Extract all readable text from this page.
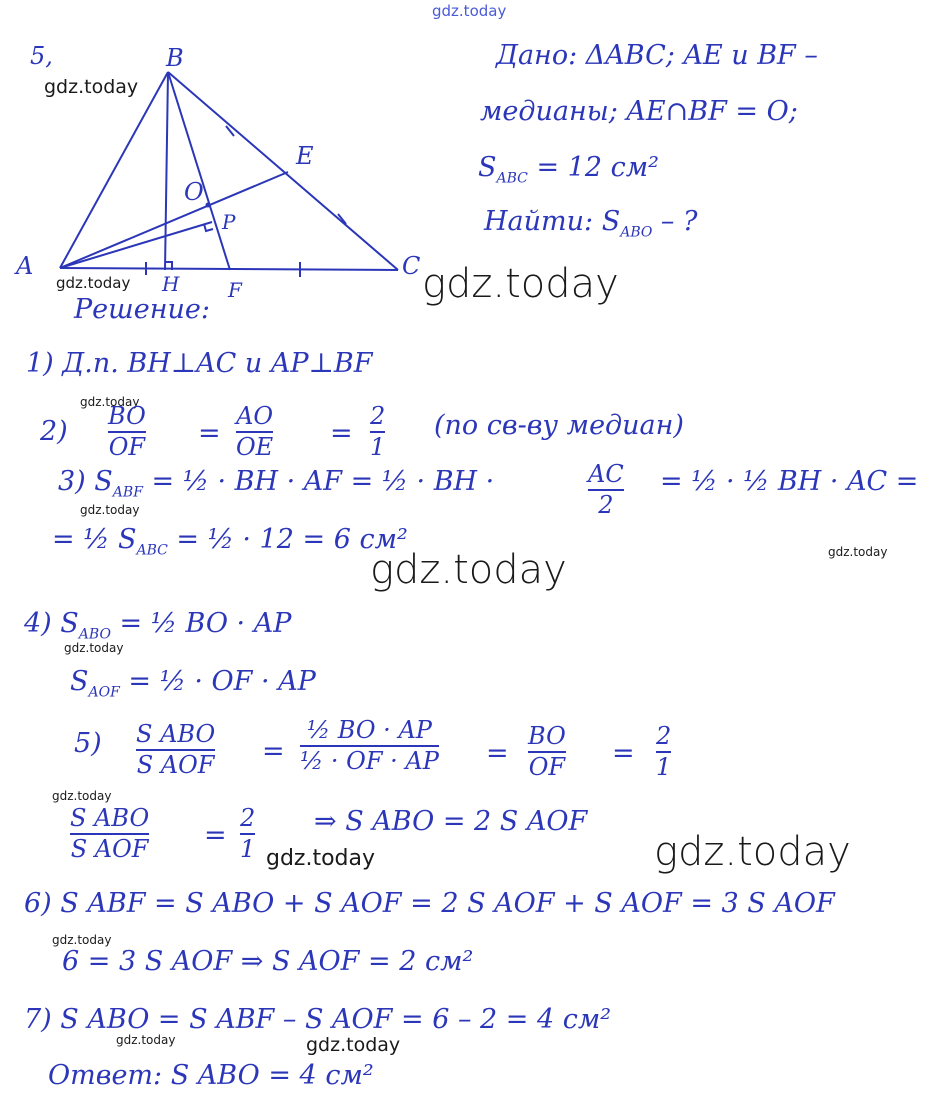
gdz.today
5,	B
A	C
E
O
P
H F
gdz.today
gdz.today
Дано: ΔABC; AE и BF –
медианы; AE∩BF = O;
$S_{ABC} = 12$ см²
Найти: $S_{ABO}$ – ?
gdz.today
Решение:
1) Д.п. BH⊥AC и AP⊥BF
gdz.today
2) BO
OF =
AO
OE =
2
1
(по св-ву медиан)
3) $S_{ABF}$ = ½ · BH · AF = ½ · BH ·	AC
2
= ½ · ½ BH · AC =
gdz.today
= ½ $S_{ABC}$ = ½ · 12 = 6 см²	gdz.today
gdz.today
4) $S_{ABO}$ = ½ BO · AP
gdz.today
$S_{AOF}$ = ½ · OF · AP
5) S ABO
S AOF =
½ BO · AP
½ · OF · AP =
BO
OF =
2
1
gdz.today
S ABO
S AOF =
2
1
⇒ S ABO = 2 S AOF
gdz.today	gdz.today
6) S ABF = S ABO + S AOF = 2 S AOF + S AOF = 3 S AOF
gdz.today
6 = 3 S AOF ⇒ S AOF = 2 см²
7) S ABO = S ABF – S AOF = 6 – 2 = 4 см²
gdz.today	gdz.today
Ответ: S ABO = 4 см²
